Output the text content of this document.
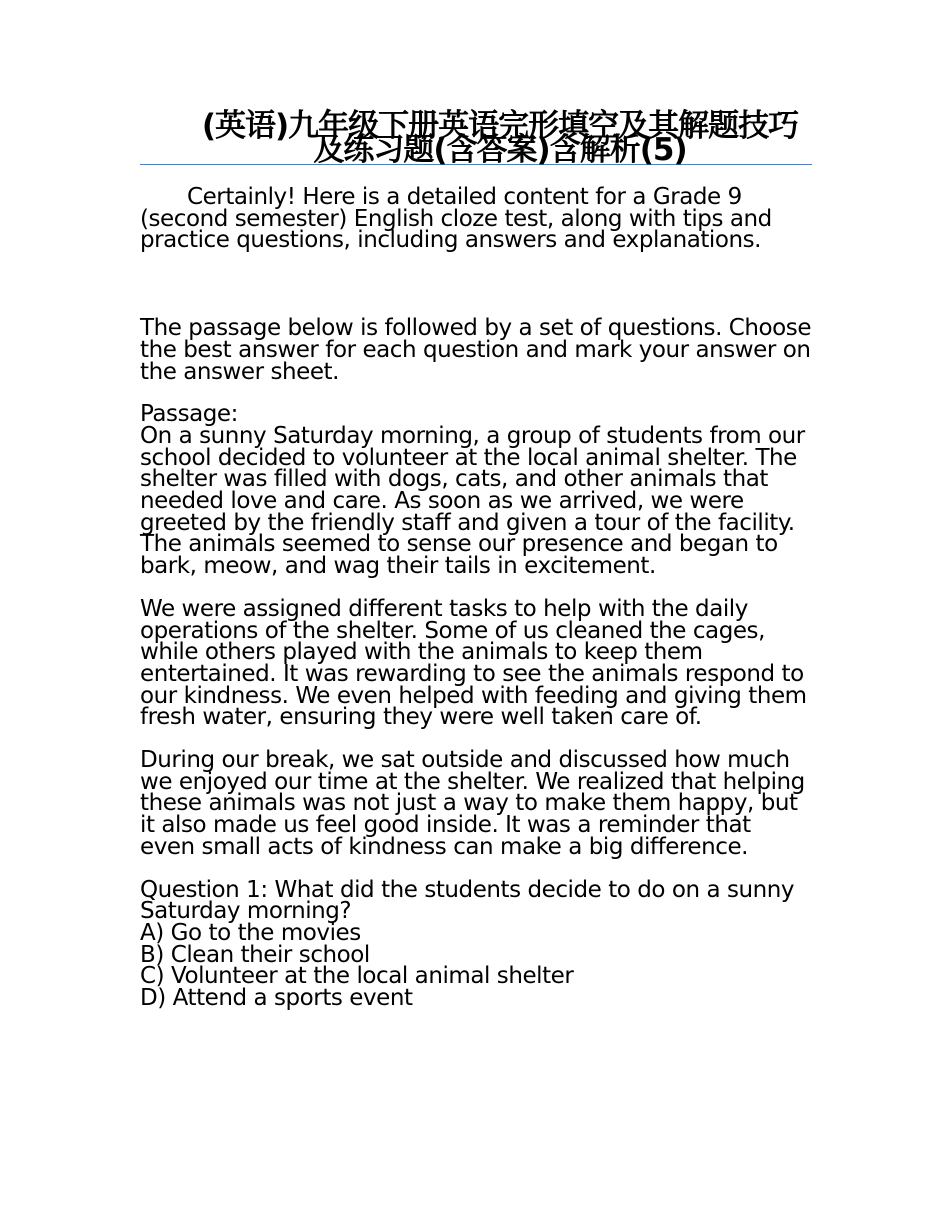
(英语)九年级下册英语完形填空及其解题技巧及练习题(含答案)含解析(5)

Certainly! Here is a detailed content for a Grade 9 (second semester) English cloze test, along with tips and practice questions, including answers and explanations.

The passage below is followed by a set of questions. Choose the best answer for each question and mark your answer on the answer sheet.

Passage:

On a sunny Saturday morning, a group of students from our school decided to volunteer at the local animal shelter. The shelter was filled with dogs, cats, and other animals that needed love and care. As soon as we arrived, we were greeted by the friendly staff and given a tour of the facility. The animals seemed to sense our presence and began to bark, meow, and wag their tails in excitement.

We were assigned different tasks to help with the daily operations of the shelter. Some of us cleaned the cages, while others played with the animals to keep them entertained. It was rewarding to see the animals respond to our kindness. We even helped with feeding and giving them fresh water, ensuring they were well taken care of.

During our break, we sat outside and discussed how much we enjoyed our time at the shelter. We realized that helping these animals was not just a way to make them happy, but it also made us feel good inside. It was a reminder that even small acts of kindness can make a big difference.

Question 1: What did the students decide to do on a sunny Saturday morning?

A) Go to the movies

B) Clean their school

C) Volunteer at the local animal shelter

D) Attend a sports event
